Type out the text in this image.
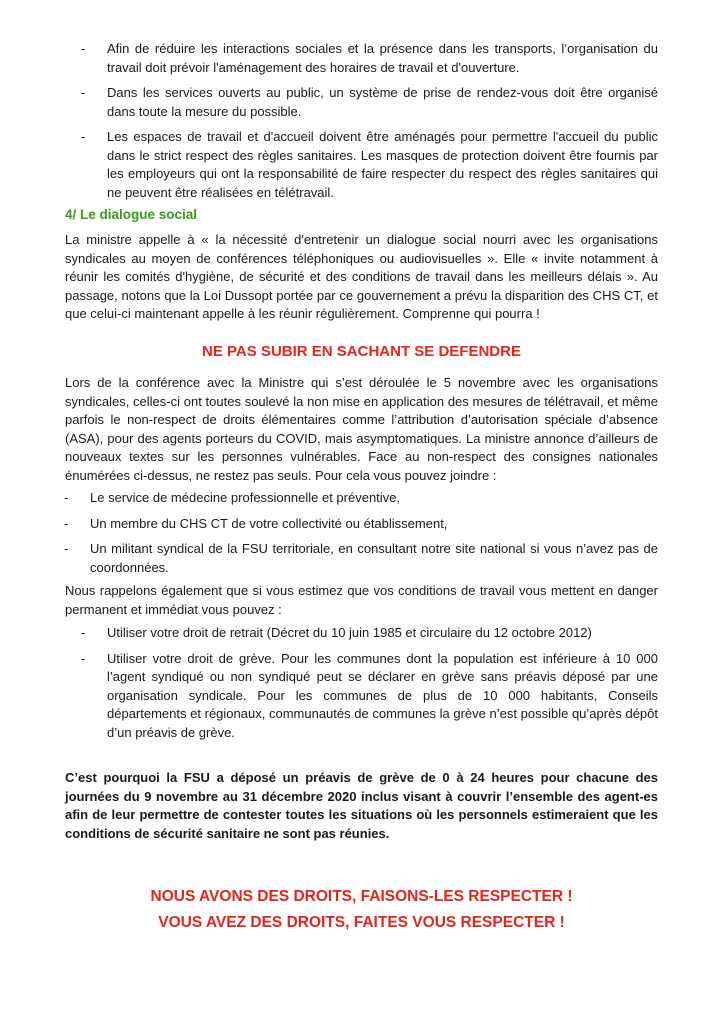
- Afin de réduire les interactions sociales et la présence dans les transports, l’organisation du travail doit prévoir l'aménagement des horaires de travail et d'ouverture.
- Dans les services ouverts au public, un système de prise de rendez-vous doit être organisé dans toute la mesure du possible.
- Les espaces de travail et d'accueil doivent être aménagés pour permettre l'accueil du public dans le strict respect des règles sanitaires. Les masques de protection doivent être fournis par les employeurs qui ont la responsabilité de faire respecter du respect des règles sanitaires qui ne peuvent être réalisées en télétravail.
4/ Le dialogue social

La ministre appelle à « la nécessité d'entretenir un dialogue social nourri avec les organisations syndicales au moyen de conférences téléphoniques ou audiovisuelles ». Elle « invite notamment à réunir les comités d'hygiène, de sécurité et des conditions de travail dans les meilleurs délais ». Au passage, notons que la Loi Dussopt portée par ce gouvernement a prévu la disparition des CHS CT, et que celui-ci maintenant appelle à les réunir régulièrement. Comprenne qui pourra !

NE PAS SUBIR EN SACHANT SE DEFENDRE

Lors de la conférence avec la Ministre qui s’est déroulée le 5 novembre avec les organisations syndicales, celles-ci ont toutes soulevé la non mise en application des mesures de télétravail, et même parfois le non-respect de droits élémentaires comme l’attribution d’autorisation spéciale d’absence (ASA), pour des agents porteurs du COVID, mais asymptomatiques. La ministre annonce d’ailleurs de nouveaux textes sur les personnes vulnérables. Face au non-respect des consignes nationales énumérées ci-dessus, ne restez pas seuls. Pour cela vous pouvez joindre :

- Le service de médecine professionnelle et préventive,
- Un membre du CHS CT de votre collectivité ou établissement,
- Un militant syndical de la FSU territoriale, en consultant notre site national si vous n’avez pas de coordonnées.

Nous rappelons également que si vous estimez que vos conditions de travail vous mettent en danger permanent et immédiat vous pouvez :

- Utiliser votre droit de retrait (Décret du 10 juin 1985 et circulaire du 12 octobre 2012)
- Utiliser votre droit de grève. Pour les communes dont la population est inférieure à 10 000 l’agent syndiqué ou non syndiqué peut se déclarer en grève sans préavis déposé par une organisation syndicale. Pour les communes de plus de 10 000 habitants, Conseils départements et régionaux, communautés de communes la grève n’est possible qu’après dépôt d’un préavis de grève.

C’est pourquoi la FSU a déposé un préavis de grève de 0 à 24 heures pour chacune des journées du 9 novembre au 31 décembre 2020 inclus visant à couvrir l’ensemble des agent-es afin de leur permettre de contester toutes les situations où les personnels estimeraient que les conditions de sécurité sanitaire ne sont pas réunies.

NOUS AVONS DES DROITS, FAISONS-LES RESPECTER !

VOUS AVEZ DES DROITS, FAITES VOUS RESPECTER !
